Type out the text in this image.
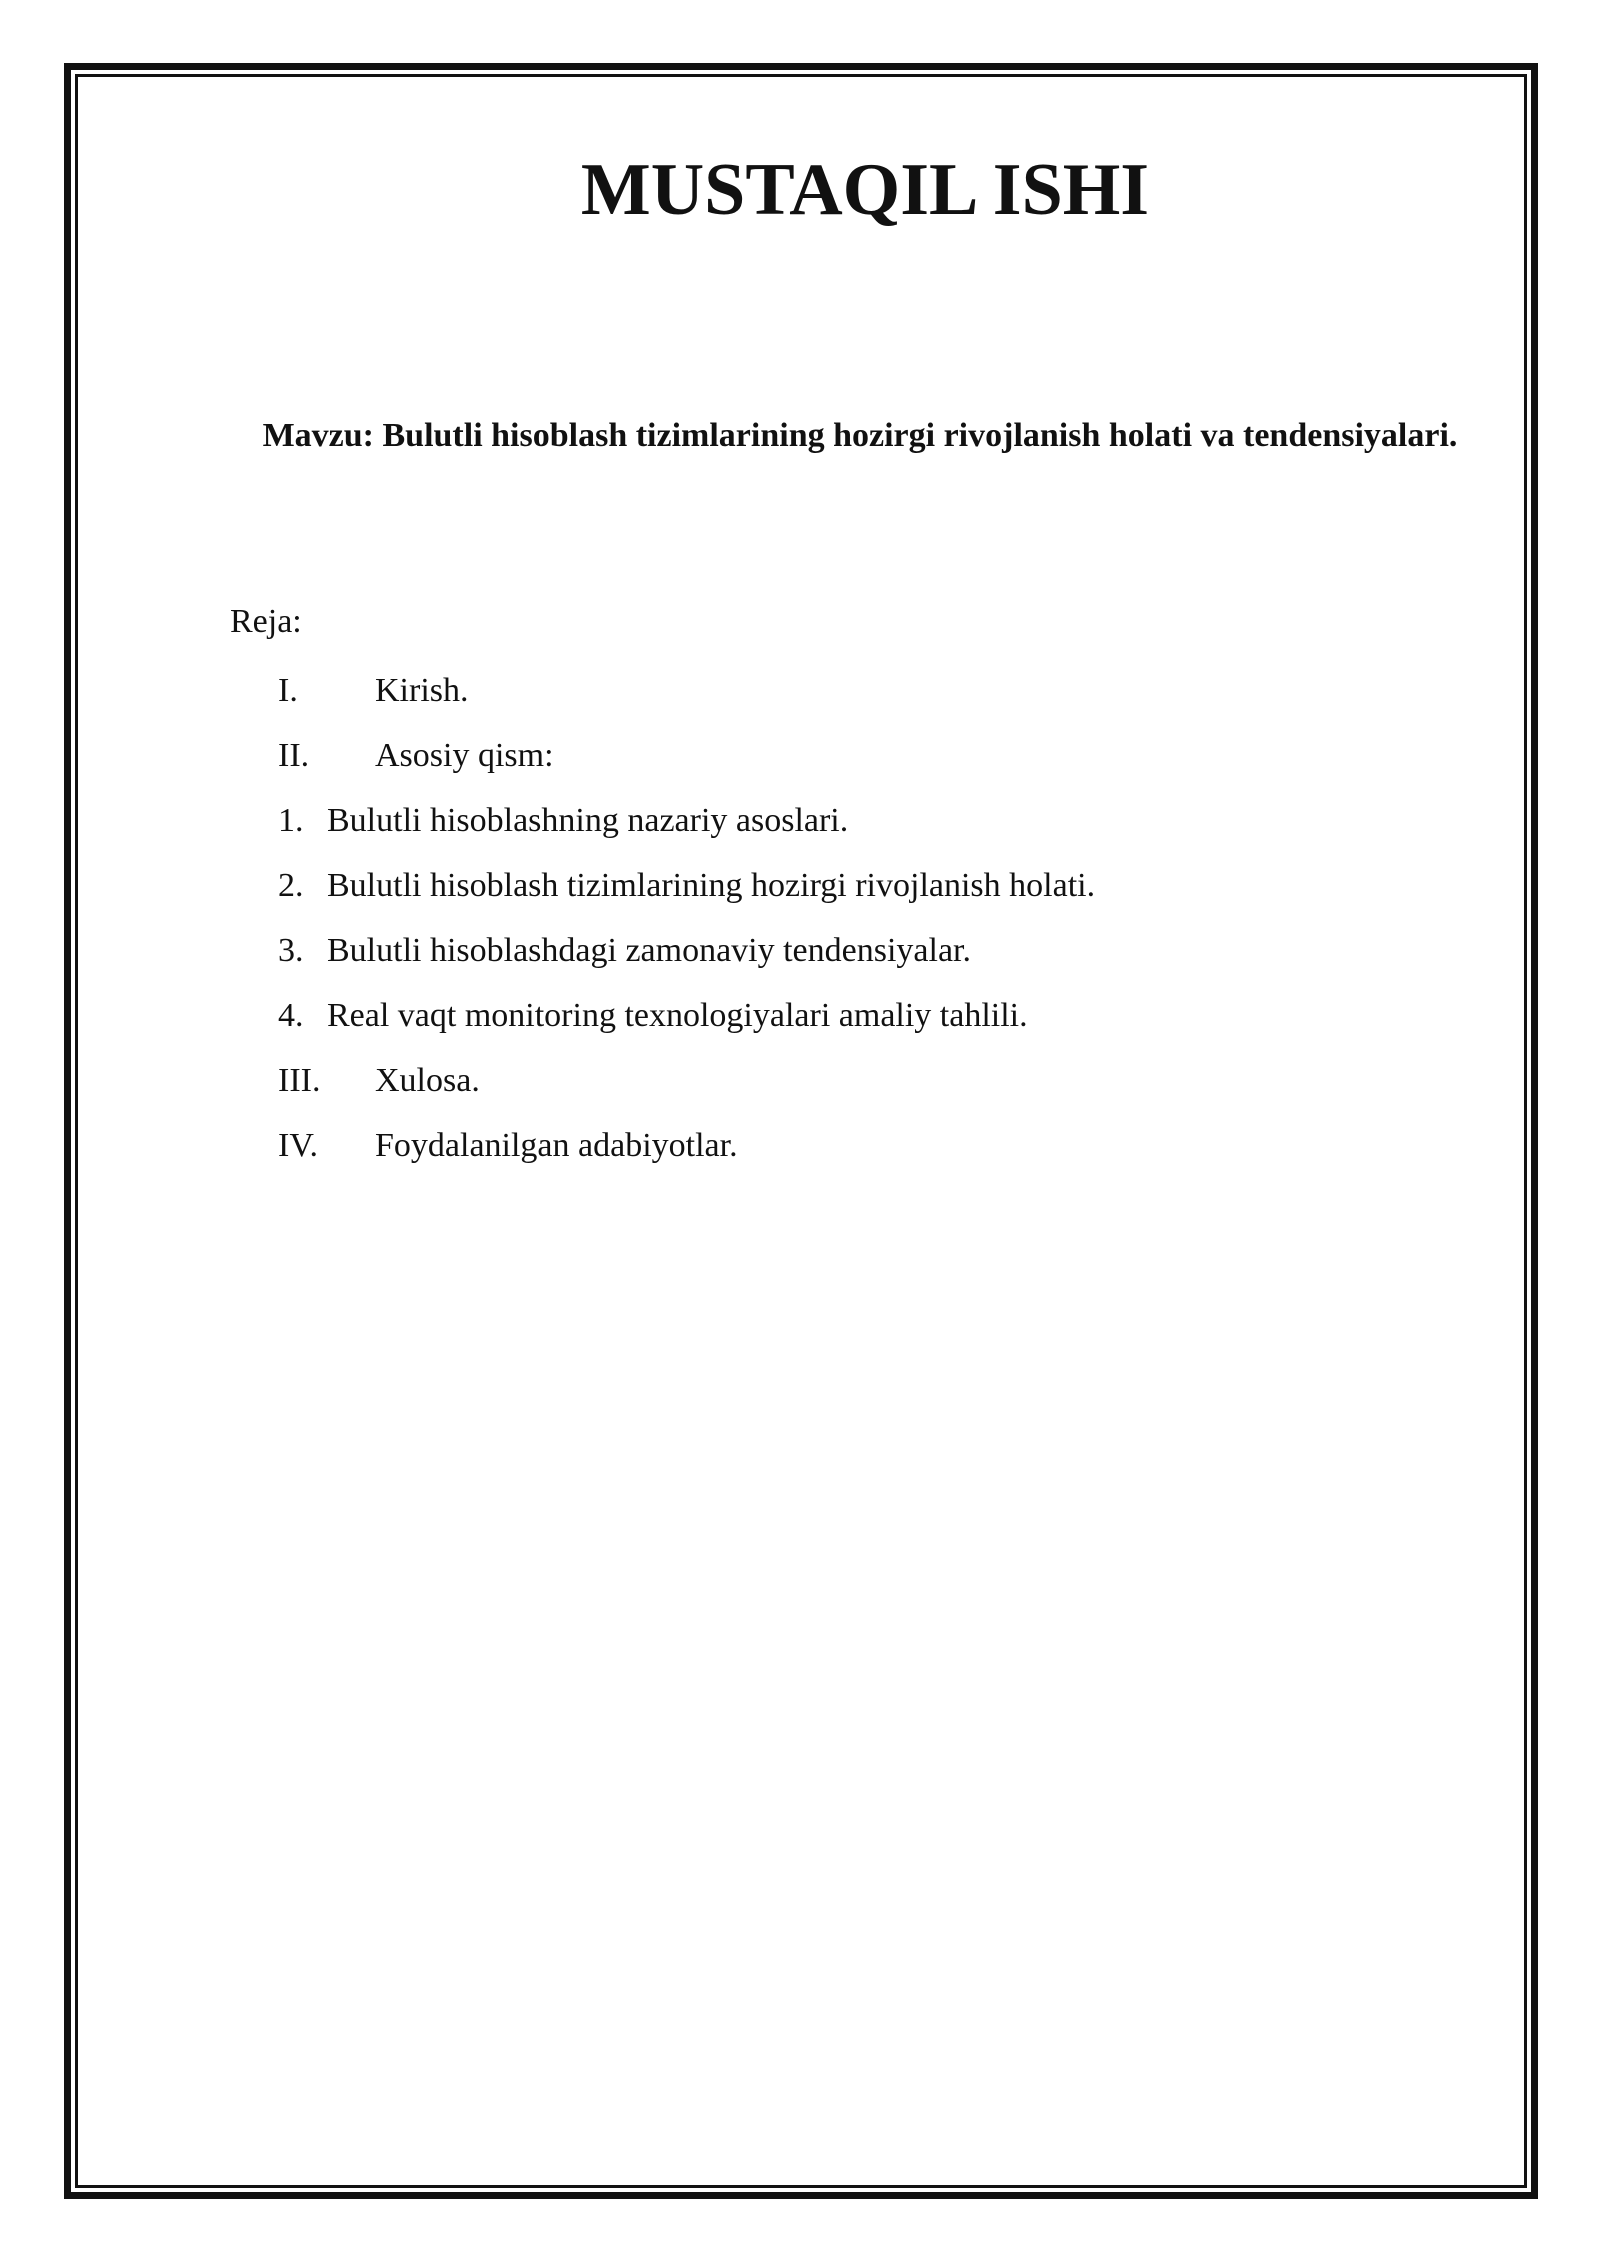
MUSTAQIL ISHI

Mavzu: Bulutli hisoblash tizimlarining hozirgi rivojlanish holati va tendensiyalari.

Reja:
I. Kirish.
II. Asosiy qism:
1. Bulutli hisoblashning nazariy asoslari.
2. Bulutli hisoblash tizimlarining hozirgi rivojlanish holati.
3. Bulutli hisoblashdagi zamonaviy tendensiyalar.
4. Real vaqt monitoring texnologiyalari amaliy tahlili.
III. Xulosa.
IV. Foydalanilgan adabiyotlar.
